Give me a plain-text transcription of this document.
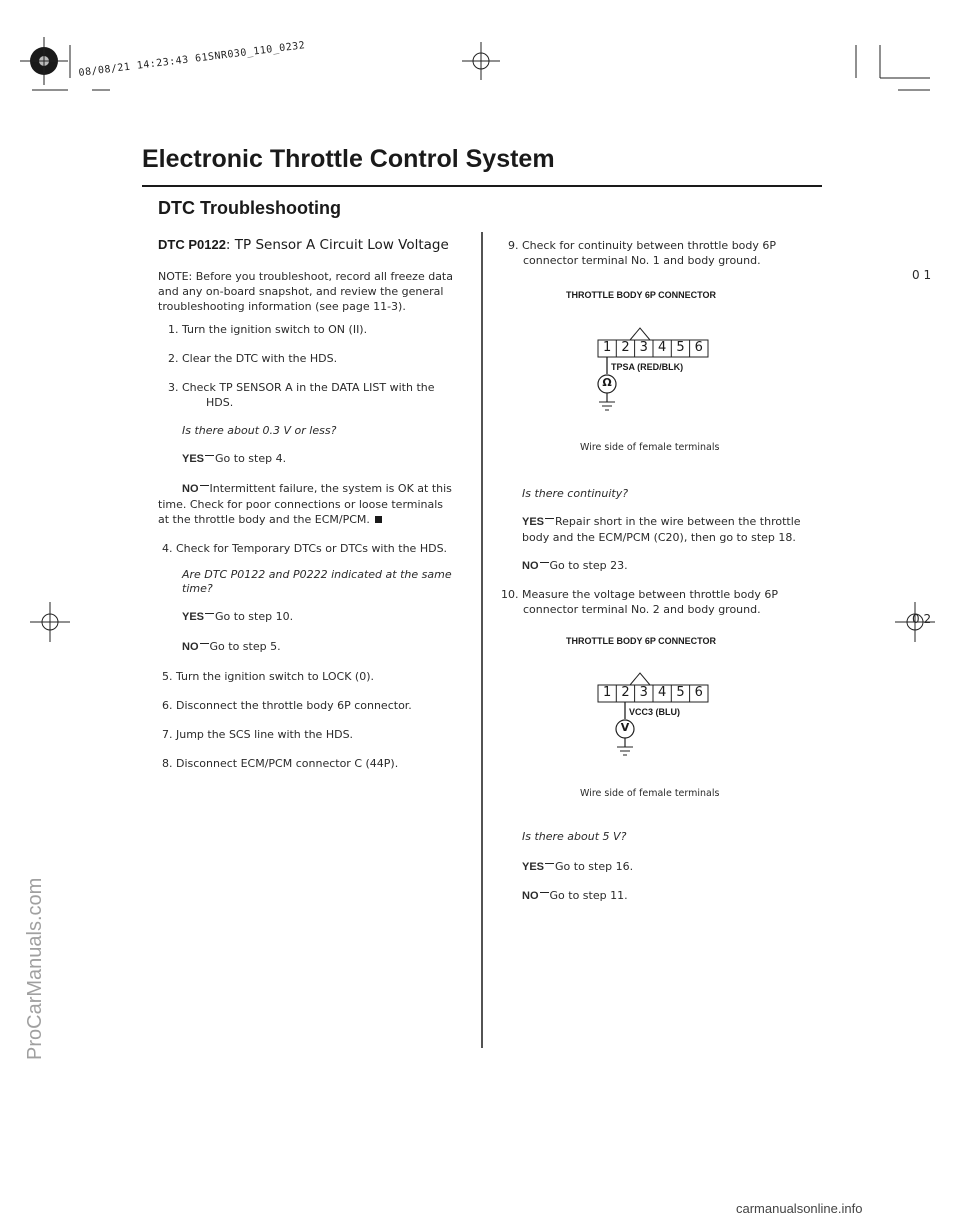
08/08/21 14:23:43 61SNR030_110_0232
Electronic Throttle Control System
DTC Troubleshooting
0 1
0 2
ProCarManuals.com
carmanualsonline.info
DTC P0122: TP Sensor A Circuit Low Voltage
NOTE: Before you troubleshoot, record all freeze data
and any on-board snapshot, and review the general
troubleshooting information (see page 11-3).
1. Turn the ignition switch to ON (II).
2. Clear the DTC with the HDS.
3. Check TP SENSOR A in the DATA LIST with the
HDS.
Is there about 0.3 V or less?
YES Go to step 4.
NO Intermittent failure, the system is OK at this
time. Check for poor connections or loose terminals
at the throttle body and the ECM/PCM.
4. Check for Temporary DTCs or DTCs with the HDS.
Are DTC P0122 and P0222 indicated at the same
time?
YES Go to step 10.
NO Go to step 5.
5. Turn the ignition switch to LOCK (0).
6. Disconnect the throttle body 6P connector.
7. Jump the SCS line with the HDS.
8. Disconnect ECM/PCM connector C (44P).
9. Check for continuity between throttle body 6P
connector terminal No. 1 and body ground.
THROTTLE BODY 6P CONNECTOR
1 2 3 4 5 6
Ω
TPSA (RED/BLK)
Wire side of female terminals
Is there continuity?
YES Repair short in the wire between the throttle
body and the ECM/PCM (C20), then go to step 18.
NO Go to step 23.
10. Measure the voltage between throttle body 6P
connector terminal No. 2 and body ground.
THROTTLE BODY 6P CONNECTOR
1 2 3 4 5 6
V
VCC3 (BLU)
Wire side of female terminals
Is there about 5 V?
YES Go to step 16.
NO Go to step 11.
